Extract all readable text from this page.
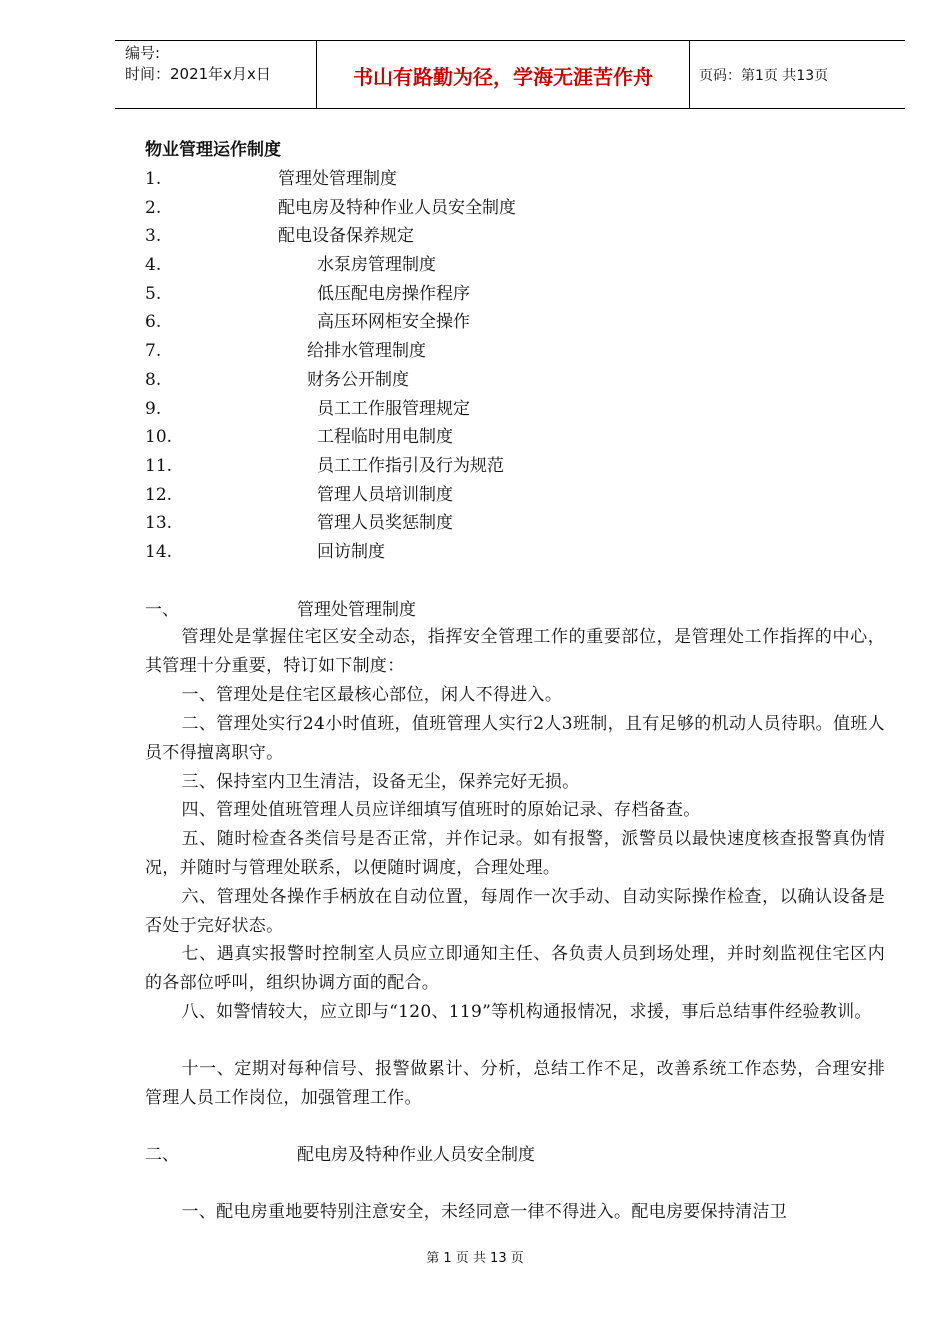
编号:
时间：2021年x月x日	书山有路勤为径，学海无涯苦作舟	页码：第1页 共13页
物业管理运作制度
1.	管理处管理制度
2.	配电房及特种作业人员安全制度
3.	配电设备保养规定
4.	水泵房管理制度
5.	低压配电房操作程序
6.	高压环网柜安全操作
7.	给排水管理制度
8.	财务公开制度
9.	员工工作服管理规定
10.	工程临时用电制度
11.	员工工作指引及行为规范
12.	管理人员培训制度
13.	管理人员奖惩制度
14.	回访制度
一、	管理处管理制度
管理处是掌握住宅区安全动态，指挥安全管理工作的重要部位，是管理处工作指挥的中心，其管理十分重要，特订如下制度：
一、管理处是住宅区最核心部位，闲人不得进入。
二、管理处实行24小时值班，值班管理人实行2人3班制，且有足够的机动人员待职。值班人员不得擅离职守。
三、保持室内卫生清洁，设备无尘，保养完好无损。
四、管理处值班管理人员应详细填写值班时的原始记录、存档备查。
五、随时检查各类信号是否正常，并作记录。如有报警，派警员以最快速度核查报警真伪情况，并随时与管理处联系，以便随时调度，合理处理。
六、管理处各操作手柄放在自动位置，每周作一次手动、自动实际操作检查，以确认设备是否处于完好状态。
七、遇真实报警时控制室人员应立即通知主任、各负责人员到场处理，并时刻监视住宅区内的各部位呼叫，组织协调方面的配合。
八、如警情较大，应立即与“120、119”等机构通报情况，求援，事后总结事件经验教训。
十一、定期对每种信号、报警做累计、分析，总结工作不足，改善系统工作态势，合理安排管理人员工作岗位，加强管理工作。
二、	配电房及特种作业人员安全制度
一、配电房重地要特别注意安全，未经同意一律不得进入。配电房要保持清洁卫
第 1 页 共 13 页
